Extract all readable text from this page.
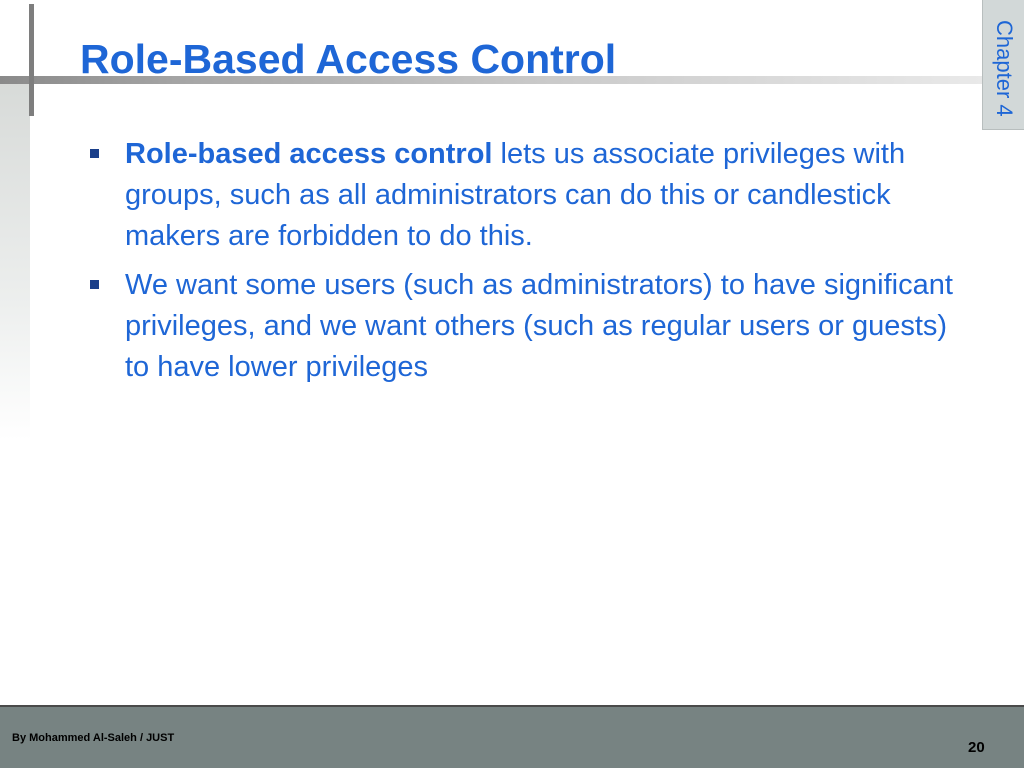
Role-Based Access Control	Chapter 4
Role-based access control lets us associate privileges with groups, such as all administrators can do this or candlestick makers are forbidden to do this.
We want some users (such as administrators) to have significant privileges, and we want others (such as regular users or guests) to have lower privileges
By Mohammed Al-Saleh / JUST
20
